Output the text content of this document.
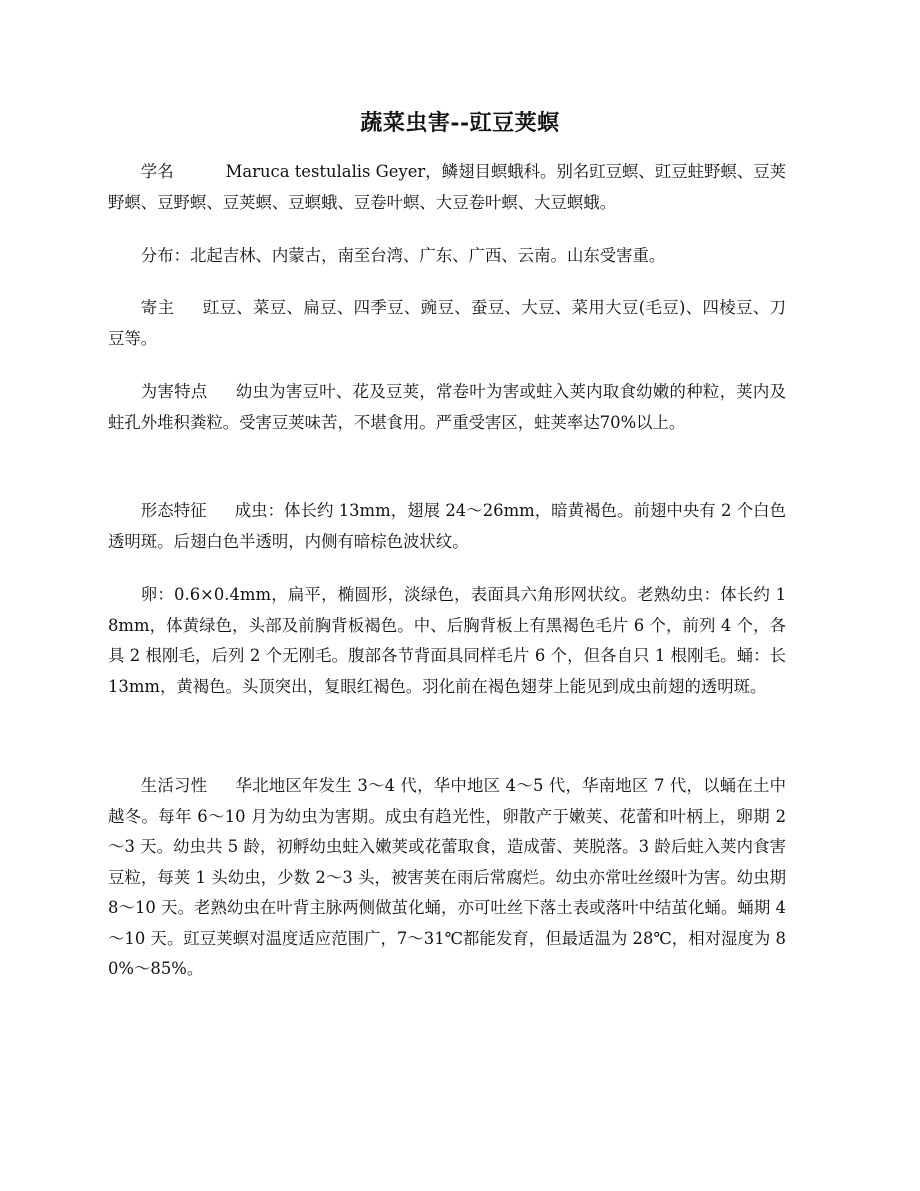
蔬菜虫害--豇豆荚螟

学名	Maruca testulalis Geyer，鳞翅目螟蛾科。别名豇豆螟、豇豆蛀野螟、豆荚野螟、豆野螟、豆荚螟、豆螟蛾、豆卷叶螟、大豆卷叶螟、大豆螟蛾。

分布：北起吉林、内蒙古，南至台湾、广东、广西、云南。山东受害重。

寄主 豇豆、菜豆、扁豆、四季豆、豌豆、蚕豆、大豆、菜用大豆(毛豆)、四棱豆、刀豆等。

为害特点 幼虫为害豆叶、花及豆荚，常卷叶为害或蛀入荚内取食幼嫩的种粒，荚内及蛀孔外堆积粪粒。受害豆荚味苦，不堪食用。严重受害区，蛀荚率达70%以上。

形态特征 成虫：体长约 13mm，翅展 24～26mm，暗黄褐色。前翅中央有 2 个白色透明斑。后翅白色半透明，内侧有暗棕色波状纹。

卵：0.6×0.4mm，扁平，椭圆形，淡绿色，表面具六角形网状纹。老熟幼虫：体长约 18mm，体黄绿色，头部及前胸背板褐色。中、后胸背板上有黑褐色毛片 6 个，前列 4 个，各具 2 根刚毛，后列 2 个无刚毛。腹部各节背面具同样毛片 6 个，但各自只 1 根刚毛。蛹：长 13mm，黄褐色。头顶突出，复眼红褐色。羽化前在褐色翅芽上能见到成虫前翅的透明斑。

生活习性 华北地区年发生 3～4 代，华中地区 4～5 代，华南地区 7 代，以蛹在土中越冬。每年 6～10 月为幼虫为害期。成虫有趋光性，卵散产于嫩荚、花蕾和叶柄上，卵期 2～3 天。幼虫共 5 龄，初孵幼虫蛀入嫩荚或花蕾取食，造成蕾、荚脱落。3 龄后蛀入荚内食害豆粒，每荚 1 头幼虫，少数 2～3 头，被害荚在雨后常腐烂。幼虫亦常吐丝缀叶为害。幼虫期 8～10 天。老熟幼虫在叶背主脉两侧做茧化蛹，亦可吐丝下落土表或落叶中结茧化蛹。蛹期 4～10 天。豇豆荚螟对温度适应范围广，7～31℃都能发育，但最适温为 28℃，相对湿度为 80%～85%。
